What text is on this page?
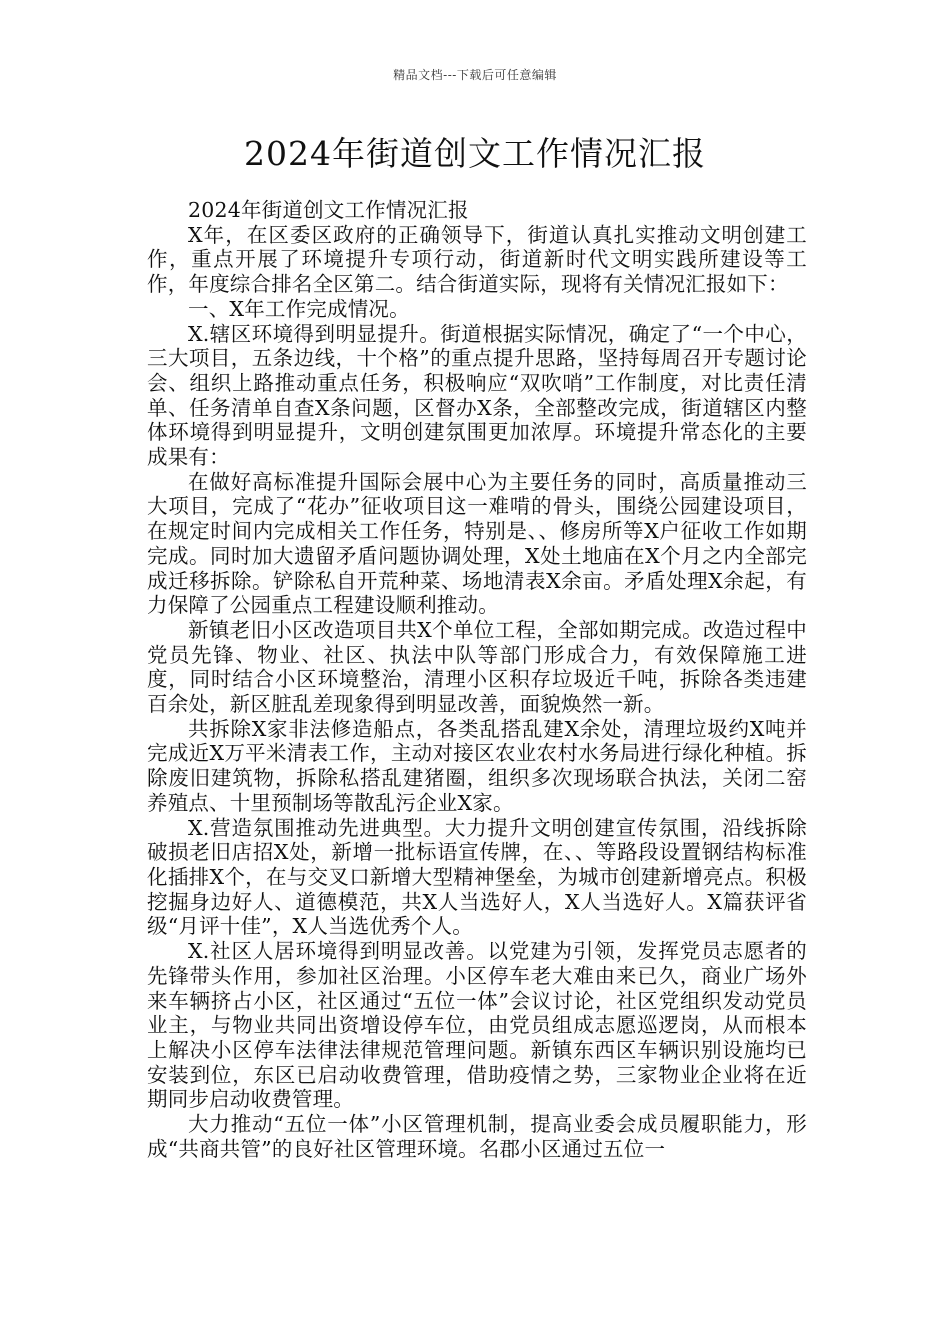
精品文档---下载后可任意编辑
2024年街道创文工作情况汇报

2024年街道创文工作情况汇报

X年，在区委区政府的正确领导下，街道认真扎实推动文明创建工作，重点开展了环境提升专项行动，街道新时代文明实践所建设等工作，年度综合排名全区第二。结合街道实际，现将有关情况汇报如下：

一、X年工作完成情况。

X.辖区环境得到明显提升。街道根据实际情况，确定了“一个中心，三大项目，五条边线，十个格”的重点提升思路，坚持每周召开专题讨论会、组织上路推动重点任务，积极响应“双吹哨”工作制度，对比责任清单、任务清单自查X条问题，区督办X条，全部整改完成，街道辖区内整体环境得到明显提升，文明创建氛围更加浓厚。环境提升常态化的主要成果有：

在做好高标准提升国际会展中心为主要任务的同时，高质量推动三大项目，完成了“花办”征收项目这一难啃的骨头，围绕公园建设项目，在规定时间内完成相关工作任务，特别是、、修房所等X户征收工作如期完成。同时加大遗留矛盾问题协调处理，X处土地庙在X个月之内全部完成迁移拆除。铲除私自开荒种菜、场地清表X余亩。矛盾处理X余起，有力保障了公园重点工程建设顺利推动。

新镇老旧小区改造项目共X个单位工程，全部如期完成。改造过程中党员先锋、物业、社区、执法中队等部门形成合力，有效保障施工进度，同时结合小区环境整治，清理小区积存垃圾近千吨，拆除各类违建百余处，新区脏乱差现象得到明显改善，面貌焕然一新。

共拆除X家非法修造船点，各类乱搭乱建X余处，清理垃圾约X吨并完成近X万平米清表工作，主动对接区农业农村水务局进行绿化种植。拆除废旧建筑物，拆除私搭乱建猪圈，组织多次现场联合执法，关闭二窑养殖点、十里预制场等散乱污企业X家。

X.营造氛围推动先进典型。大力提升文明创建宣传氛围，沿线拆除破损老旧店招X处，新增一批标语宣传牌，在、、等路段设置钢结构标准化插排X个，在与交叉口新增大型精神堡垒，为城市创建新增亮点。积极挖掘身边好人、道德模范，共X人当选好人，X人当选好人。X篇获评省级“月评十佳”，X人当选优秀个人。

X.社区人居环境得到明显改善。以党建为引领，发挥党员志愿者的先锋带头作用，参加社区治理。小区停车老大难由来已久，商业广场外来车辆挤占小区，社区通过“五位一体”会议讨论，社区党组织发动党员业主，与物业共同出资增设停车位，由党员组成志愿巡逻岗，从而根本上解决小区停车法律法律规范管理问题。新镇东西区车辆识别设施均已安装到位，东区已启动收费管理，借助疫情之势，三家物业企业将在近期同步启动收费管理。

大力推动“五位一体”小区管理机制，提高业委会成员履职能力，形成“共商共管”的良好社区管理环境。名郡小区通过五位一
